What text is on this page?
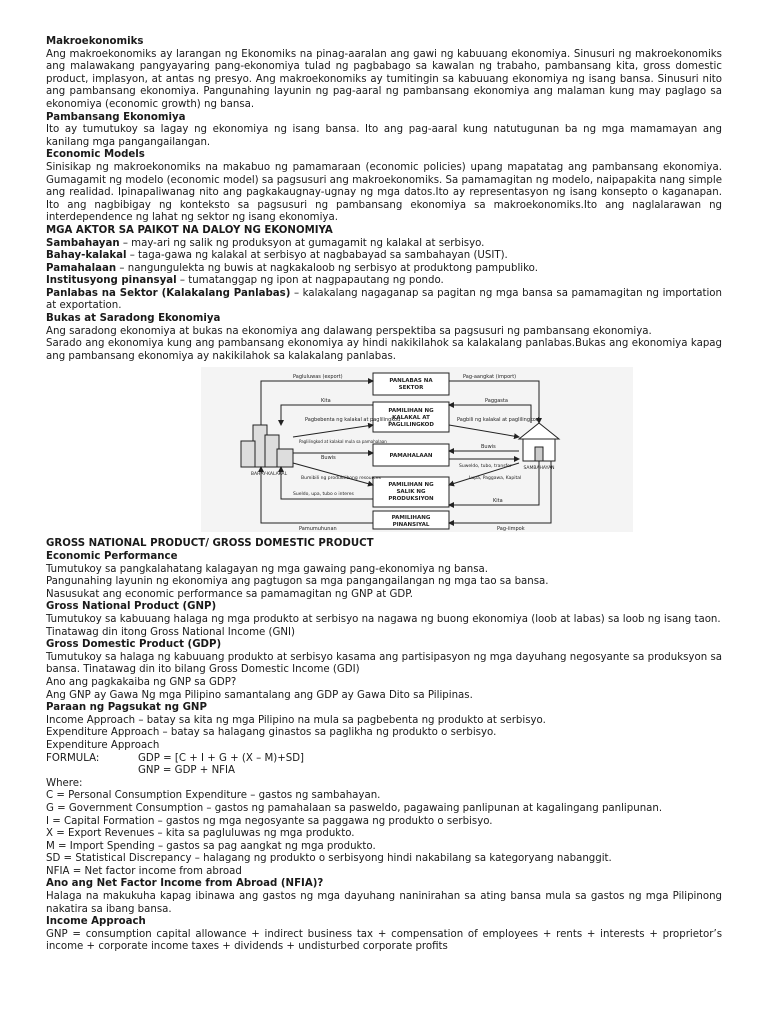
Makroekonomiks

Ang makroekonomiks ay larangan ng Ekonomiks na pinag-aaralan ang gawi ng kabuuang ekonomiya. Sinusuri ng makroekonomiks ang malawakang pangyayaring pang-ekonomiya tulad ng pagbabago sa kawalan ng trabaho, pambansang kita, gross domestic product, implasyon, at antas ng presyo. Ang makroekonomiks ay tumitingin sa kabuuang ekonomiya ng isang bansa. Sinusuri nito ang pambansang ekonomiya. Pangunahing layunin ng pag-aaral ng pambansang ekonomiya ang malaman kung may paglago sa ekonomiya (economic growth) ng bansa.

Pambansang Ekonomiya

Ito ay tumutukoy sa lagay ng ekonomiya ng isang bansa. Ito ang pag-aaral kung natutugunan ba ng mga mamamayan ang kanilang mga pangangailangan.

Economic Models

Sinisikap ng makroekonomiks na makabuo ng pamamaraan (economic policies) upang mapatatag ang pambansang ekonomiya. Gumagamit ng modelo (economic model) sa pagsusuri ang makroekonomiks. Sa pamamagitan ng modelo, naipapakita nang simple ang realidad. Ipinapaliwanag nito ang pagkakaugnay-ugnay ng mga datos.Ito ay representasyon ng isang konsepto o kaganapan. Ito ang nagbibigay ng konteksto sa pagsusuri ng pambansang ekonomiya sa makroekonomiks.Ito ang naglalarawan ng interdependence ng lahat ng sektor ng isang ekonomiya.

MGA AKTOR SA PAIKOT NA DALOY NG EKONOMIYA

Sambahayan – may-ari ng salik ng produksyon at gumagamit ng kalakal at serbisyo.

Bahay-kalakal – taga-gawa ng kalakal at serbisyo at nagbabayad sa sambahayan (USIT).

Pamahalaan – nangungulekta ng buwis at nagkakaloob ng serbisyo at produktong pampubliko.

Institusyong pinansyal – tumatanggap ng ipon at nagpapautang ng pondo.

Panlabas na Sektor (Kalakalang Panlabas) – kalakalang nagaganap sa pagitan ng mga bansa sa pamamagitan ng importation at exportation.

Bukas at Saradong Ekonomiya

Ang saradong ekonomiya at bukas na ekonomiya ang dalawang perspektiba sa pagsusuri ng pambansang ekonomiya.

Sarado ang ekonomiya kung ang pambansang ekonomiya ay hindi nakikilahok sa kalakalang panlabas.Bukas ang ekonomiya kapag ang pambansang ekonomiya ay nakikilahok sa kalakalang panlabas.

PANLABAS NA
SEKTOR
PAMILIHAN NG
KALAKAL AT
PAGLILINGKOD
PAMAHALAAN
PAMILIHAN NG
SALIK NG
PRODUKSIYON
PAMILIHANG
PINANSIYAL
BAHAY-KALAKAL
SAMBAHAYAN
Pagluluwas (export)	Pag-aangkat (import)
Kita	Paggasta
Pagbebenta ng kalakal at paglilingkod	Pagbili ng kalakal at paglilingkod
Paglilingkod at kalakal mula sa pamahalaan
Buwis
Buwis
Suweldo, tubo, transfer
Lupa, Paggawa, Kapital
Bumibili ng produktibong resources
Sueldo, upa, tubo o interes
Kita
Pamumuhunan	Pag-iimpok

GROSS NATIONAL PRODUCT/ GROSS DOMESTIC PRODUCT

Economic Performance

Tumutukoy sa pangkalahatang kalagayan ng mga gawaing pang-ekonomiya ng bansa.

Pangunahing layunin ng ekonomiya ang pagtugon sa mga pangangailangan ng mga tao sa bansa.

Nasusukat ang economic performance sa pamamagitan ng GNP at GDP.

Gross National Product (GNP)

Tumutukoy sa kabuuang halaga ng mga produkto at serbisyo na nagawa ng buong ekonomiya (loob at labas) sa loob ng isang taon.

Tinatawag din itong Gross National Income (GNI)

Gross Domestic Product (GDP)

Tumutukoy sa halaga ng kabuuang produkto at serbisyo kasama ang partisipasyon ng mga dayuhang negosyante sa produksyon sa bansa. Tinatawag din ito bilang Gross Domestic Income (GDI)

Ano ang pagkakaiba ng GNP sa GDP?

Ang GNP ay Gawa Ng mga Pilipino samantalang ang GDP ay Gawa Dito sa Pilipinas.

Paraan ng Pagsukat ng GNP

Income Approach – batay sa kita ng mga Pilipino na mula sa pagbebenta ng produkto at serbisyo.

Expenditure Approach – batay sa halagang ginastos sa paglikha ng produkto o serbisyo.

Expenditure Approach

FORMULA:	GDP = [C + I + G + (X – M)+SD]

GNP = GDP + NFIA

Where:

C = Personal Consumption Expenditure – gastos ng sambahayan.

G = Government Consumption – gastos ng pamahalaan sa pasweldo, pagawaing panlipunan at kagalingang panlipunan.

I = Capital Formation – gastos ng mga negosyante sa paggawa ng produkto o serbisyo.

X = Export Revenues – kita sa pagluluwas ng mga produkto.

M = Import Spending – gastos sa pag aangkat ng mga produkto.

SD = Statistical Discrepancy – halagang ng produkto o serbisyong hindi nakabilang sa kategoryang nabanggit.

NFIA = Net factor income from abroad

Ano ang Net Factor Income from Abroad (NFIA)?

Halaga na makukuha kapag ibinawa ang gastos ng mga dayuhang naninirahan sa ating bansa mula sa gastos ng mga Pilipinong nakatira sa ibang bansa.

Income Approach

GNP = consumption capital allowance + indirect business tax + compensation of employees + rents + interests + proprietor’s income + corporate income taxes + dividends + undisturbed corporate profits
